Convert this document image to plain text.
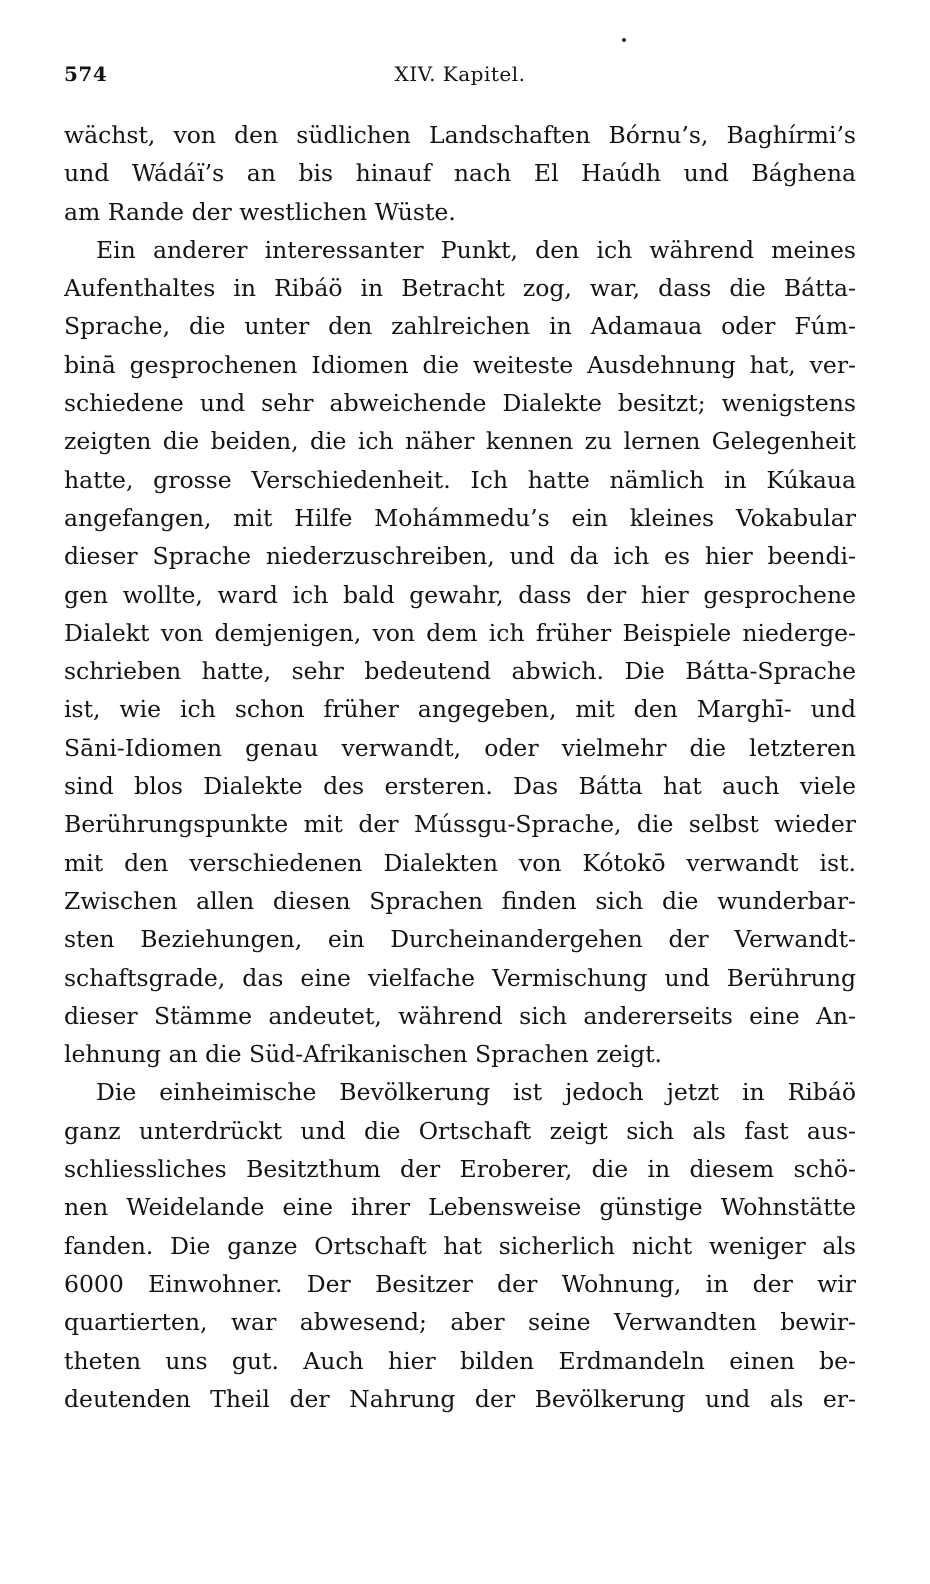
574	XIV. Kapitel.
wächst, von den südlichen Landschaften Bórnu’s, Baghírmi’s
und Wádáï’s an bis hinauf nach El Haúdh und Bághena
am Rande der westlichen Wüste.
Ein anderer interessanter Punkt, den ich während meines
Aufenthaltes in Ribáö in Betracht zog, war, dass die Bátta-
Sprache, die unter den zahlreichen in Adamaua oder Fúm-
binā gesprochenen Idiomen die weiteste Ausdehnung hat, ver-
schiedene und sehr abweichende Dialekte besitzt; wenigstens
zeigten die beiden, die ich näher kennen zu lernen Gelegenheit
hatte, grosse Verschiedenheit. Ich hatte nämlich in Kúkaua
angefangen, mit Hilfe Mohámmedu’s ein kleines Vokabular
dieser Sprache niederzuschreiben, und da ich es hier beendi-
gen wollte, ward ich bald gewahr, dass der hier gesprochene
Dialekt von demjenigen, von dem ich früher Beispiele niederge-
schrieben hatte, sehr bedeutend abwich. Die Bátta-Sprache
ist, wie ich schon früher angegeben, mit den Marghī- und
Sāni-Idiomen genau verwandt, oder vielmehr die letzteren
sind blos Dialekte des ersteren. Das Bátta hat auch viele
Berührungspunkte mit der Mússgu-Sprache, die selbst wieder
mit den verschiedenen Dialekten von Kótokō verwandt ist.
Zwischen allen diesen Sprachen finden sich die wunderbar-
sten Beziehungen, ein Durcheinandergehen der Verwandt-
schaftsgrade, das eine vielfache Vermischung und Berührung
dieser Stämme andeutet, während sich andererseits eine An-
lehnung an die Süd-Afrikanischen Sprachen zeigt.
Die einheimische Bevölkerung ist jedoch jetzt in Ribáö
ganz unterdrückt und die Ortschaft zeigt sich als fast aus-
schliessliches Besitzthum der Eroberer, die in diesem schö-
nen Weidelande eine ihrer Lebensweise günstige Wohnstätte
fanden. Die ganze Ortschaft hat sicherlich nicht weniger als
6000 Einwohner. Der Besitzer der Wohnung, in der wir
quartierten, war abwesend; aber seine Verwandten bewir-
theten uns gut. Auch hier bilden Erdmandeln einen be-
deutenden Theil der Nahrung der Bevölkerung und als er-
